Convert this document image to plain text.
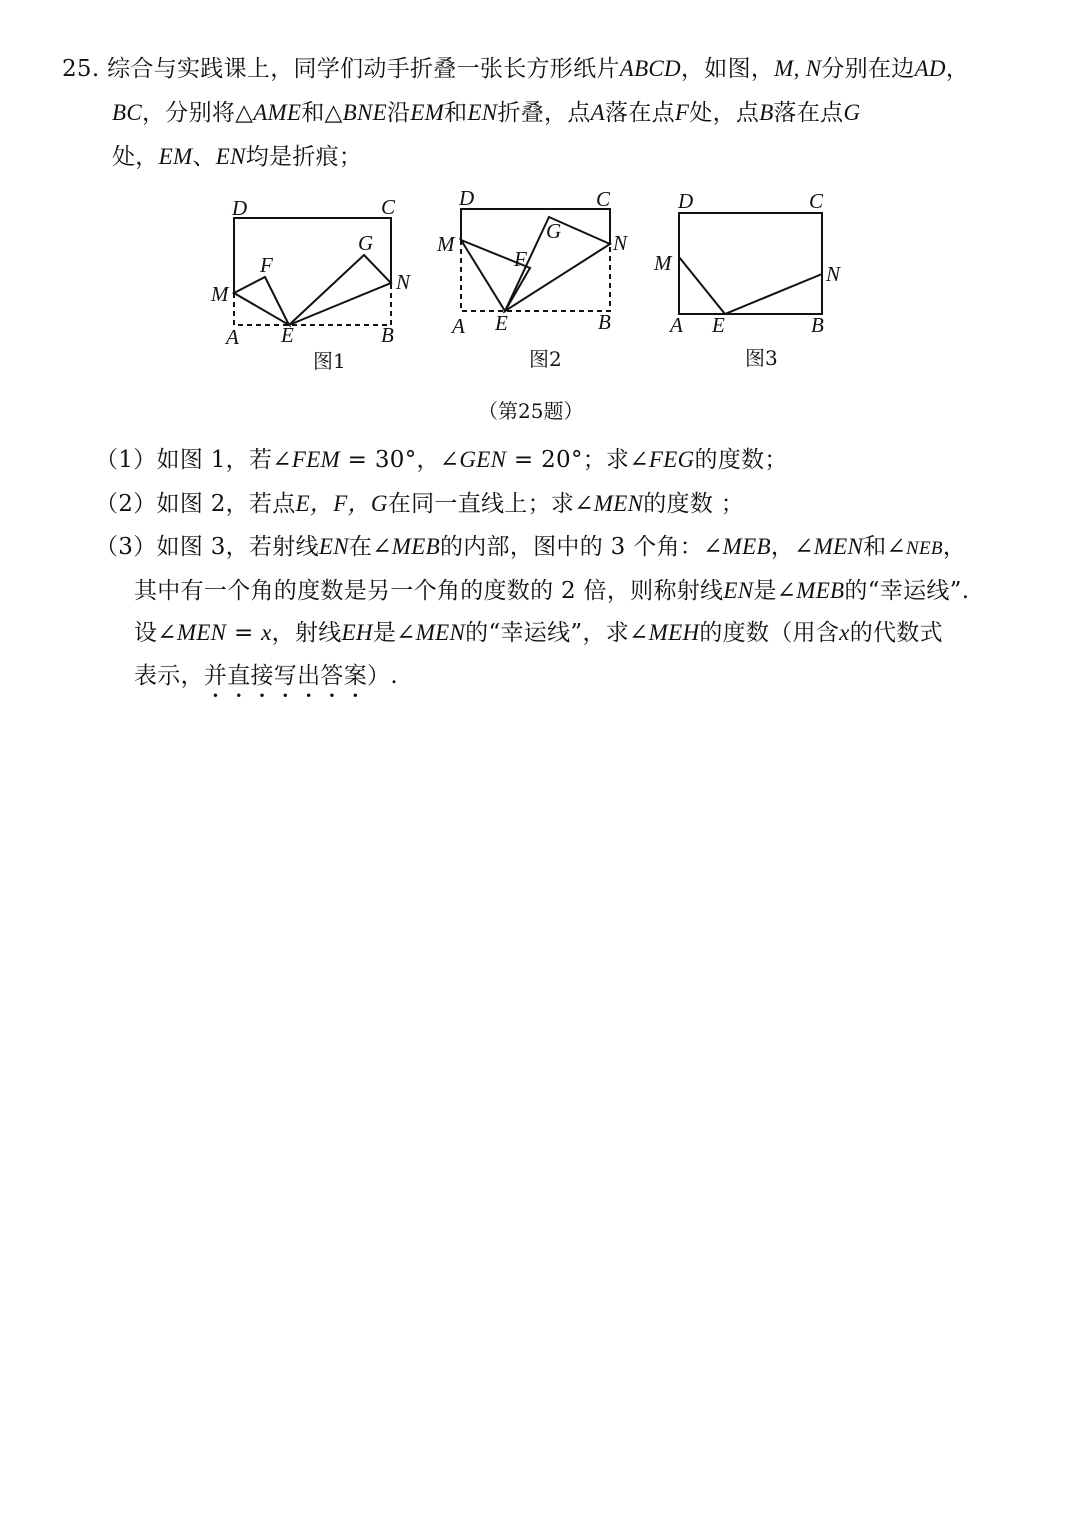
25. 综合与实践课上，同学们动手折叠一张长方形纸片ABCD，如图，M, N分别在边AD，
BC，分别将△AME和△BNE沿EM和EN折叠，点A落在点F处，点B落在点G
处，EM、EN均是折痕；
D	C
G
F
M	N
A E	B
图1
D	C
G
F
M	N
A E	B
图2
D	C
M	N
A E	B
图3
（第25题）
（1）如图 1，若∠FEM = 30°，∠GEN = 20°；求∠FEG的度数；
（2）如图 2，若点E，F，G在同一直线上；求∠MEN的度数 ；
（3）如图 3，若射线EN在∠MEB的内部，图中的 3 个角：∠MEB，∠MEN和∠NEB，
其中有一个角的度数是另一个角的度数的 2 倍，则称射线EN是∠MEB的“幸运线”.
设∠MEN = x，射线EH是∠MEN的“幸运线”，求∠MEH的度数（用含x的代数式
表示，并直接写出答案）.
